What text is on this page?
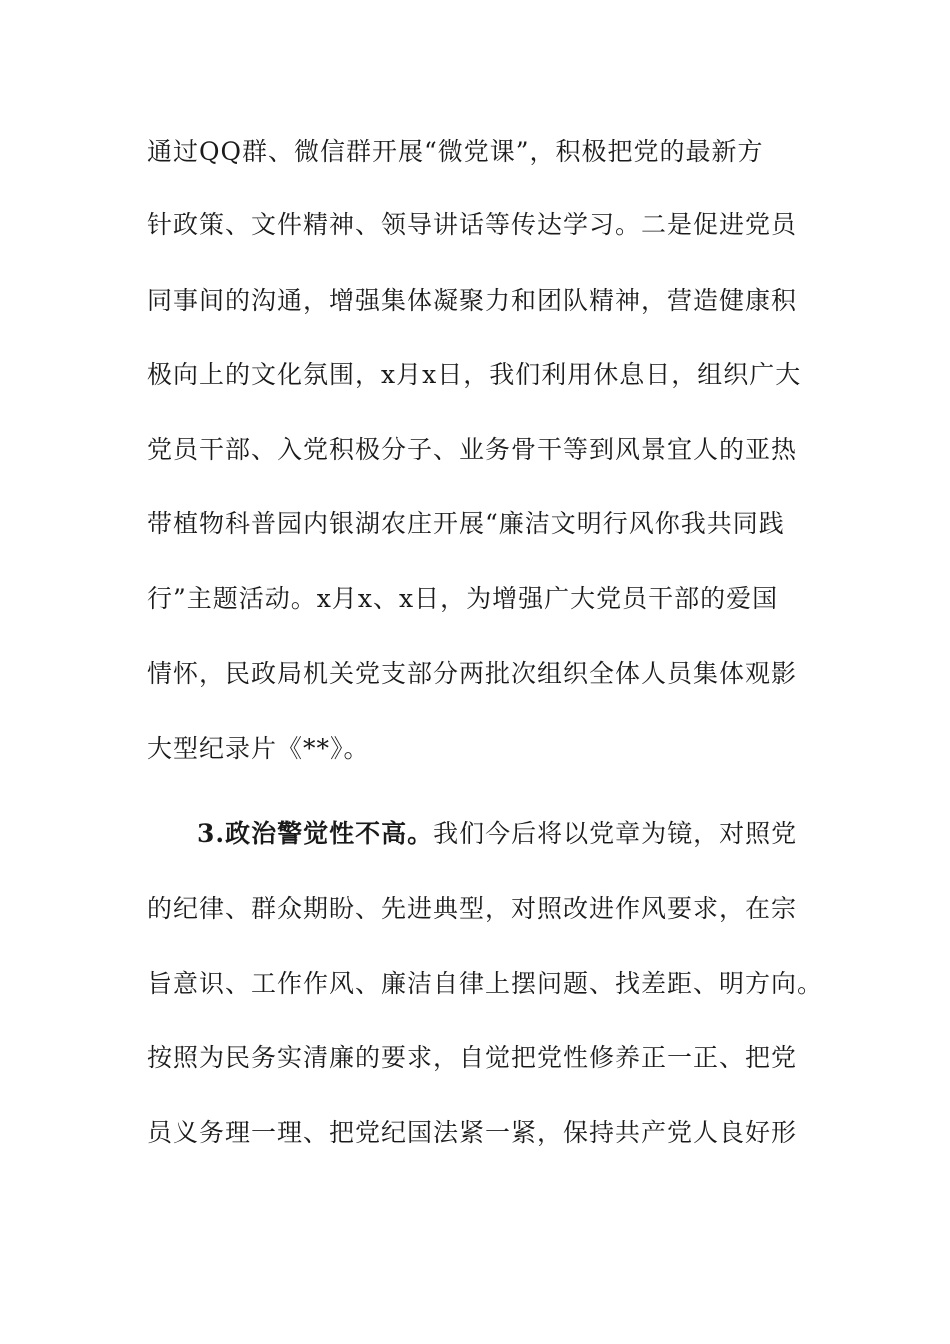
通过QQ群、微信群开展“微党课”，积极把党的最新方
针政策、文件精神、领导讲话等传达学习。二是促进党员
同事间的沟通，增强集体凝聚力和团队精神，营造健康积
极向上的文化氛围，x月x日，我们利用休息日，组织广大
党员干部、入党积极分子、业务骨干等到风景宜人的亚热
带植物科普园内银湖农庄开展“廉洁文明行风你我共同践
行”主题活动。x月x、x日，为增强广大党员干部的爱国
情怀，民政局机关党支部分两批次组织全体人员集体观影
大型纪录片《**》。
3.政治警觉性不高。我们今后将以党章为镜，对照党
的纪律、群众期盼、先进典型，对照改进作风要求，在宗
旨意识、工作作风、廉洁自律上摆问题、找差距、明方向。
按照为民务实清廉的要求，自觉把党性修养正一正、把党
员义务理一理、把党纪国法紧一紧，保持共产党人良好形
